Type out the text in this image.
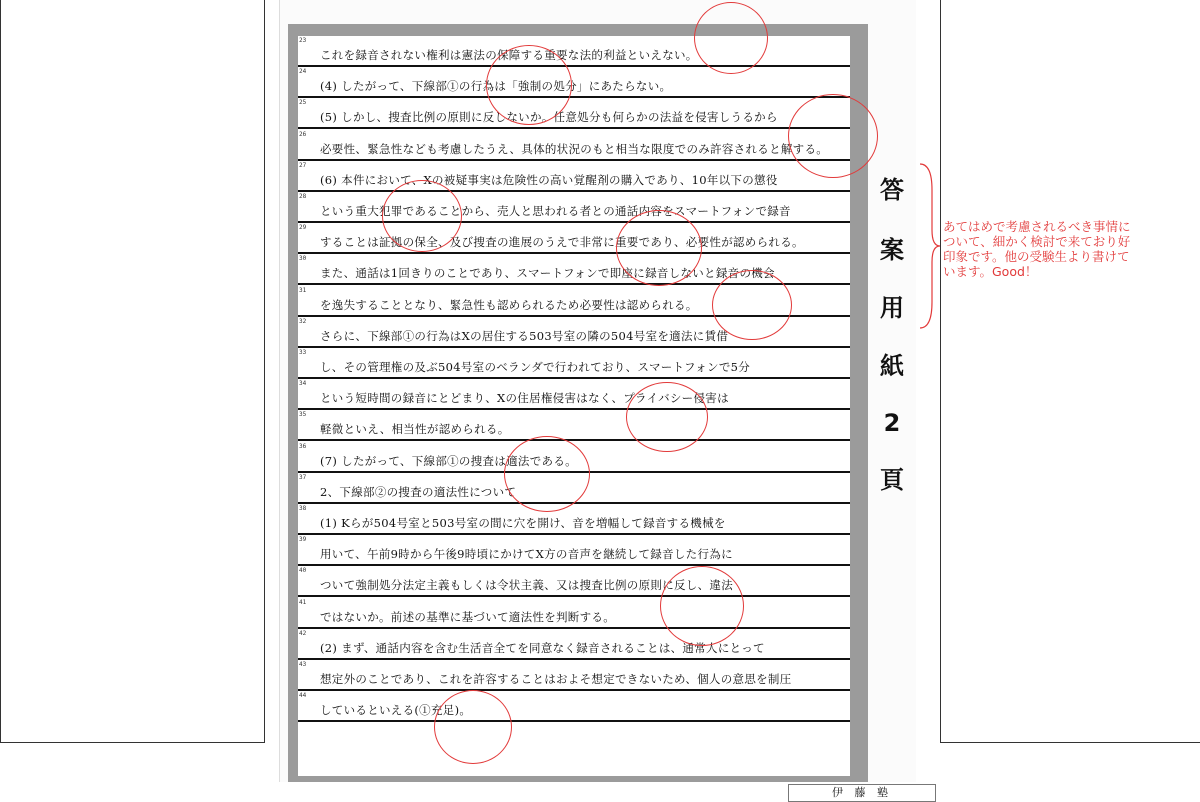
23
これを録音されない権利は憲法の保障する重要な法的利益といえない。
24
(4) したがって、下線部①の行為は「強制の処分」にあたらない。
25
(5) しかし、捜査比例の原則に反しないか。任意処分も何らかの法益を侵害しうるから
26
必要性、緊急性なども考慮したうえ、具体的状況のもと相当な限度でのみ許容されると解する。
27
(6) 本件において、Xの被疑事実は危険性の高い覚醒剤の購入であり、10年以下の懲役
28
という重大犯罪であることから、売人と思われる者との通話内容をスマートフォンで録音
29
することは証拠の保全、及び捜査の進展のうえで非常に重要であり、必要性が認められる。
30
また、通話は1回きりのことであり、スマートフォンで即座に録音しないと録音の機会
31
を逸失することとなり、緊急性も認められるため必要性は認められる。
32
さらに、下線部①の行為はXの居住する503号室の隣の504号室を適法に賃借
33
し、その管理権の及ぶ504号室のベランダで行われており、スマートフォンで5分
34
という短時間の録音にとどまり、Xの住居権侵害はなく、プライバシー侵害は
35
軽微といえ、相当性が認められる。
36
(7) したがって、下線部①の捜査は適法である。
37
2、下線部②の捜査の適法性について
38
(1) Kらが504号室と503号室の間に穴を開け、音を増幅して録音する機械を
39
用いて、午前9時から午後9時頃にかけてX方の音声を継続して録音した行為に
40
ついて強制処分法定主義もしくは令状主義、又は捜査比例の原則に反し、違法
41
ではないか。前述の基準に基づいて適法性を判断する。
42
(2) まず、通話内容を含む生活音全てを同意なく録音されることは、通常人にとって
43
想定外のことであり、これを許容することはおよそ想定できないため、個人の意思を制圧
44
しているといえる(①充足)。
伊 藤 塾
答
案
用
紙
2
頁
あてはめで考慮されるべき事情に
ついて、細かく検討で来ており好
印象です。他の受験生より書けて
います。Good！
